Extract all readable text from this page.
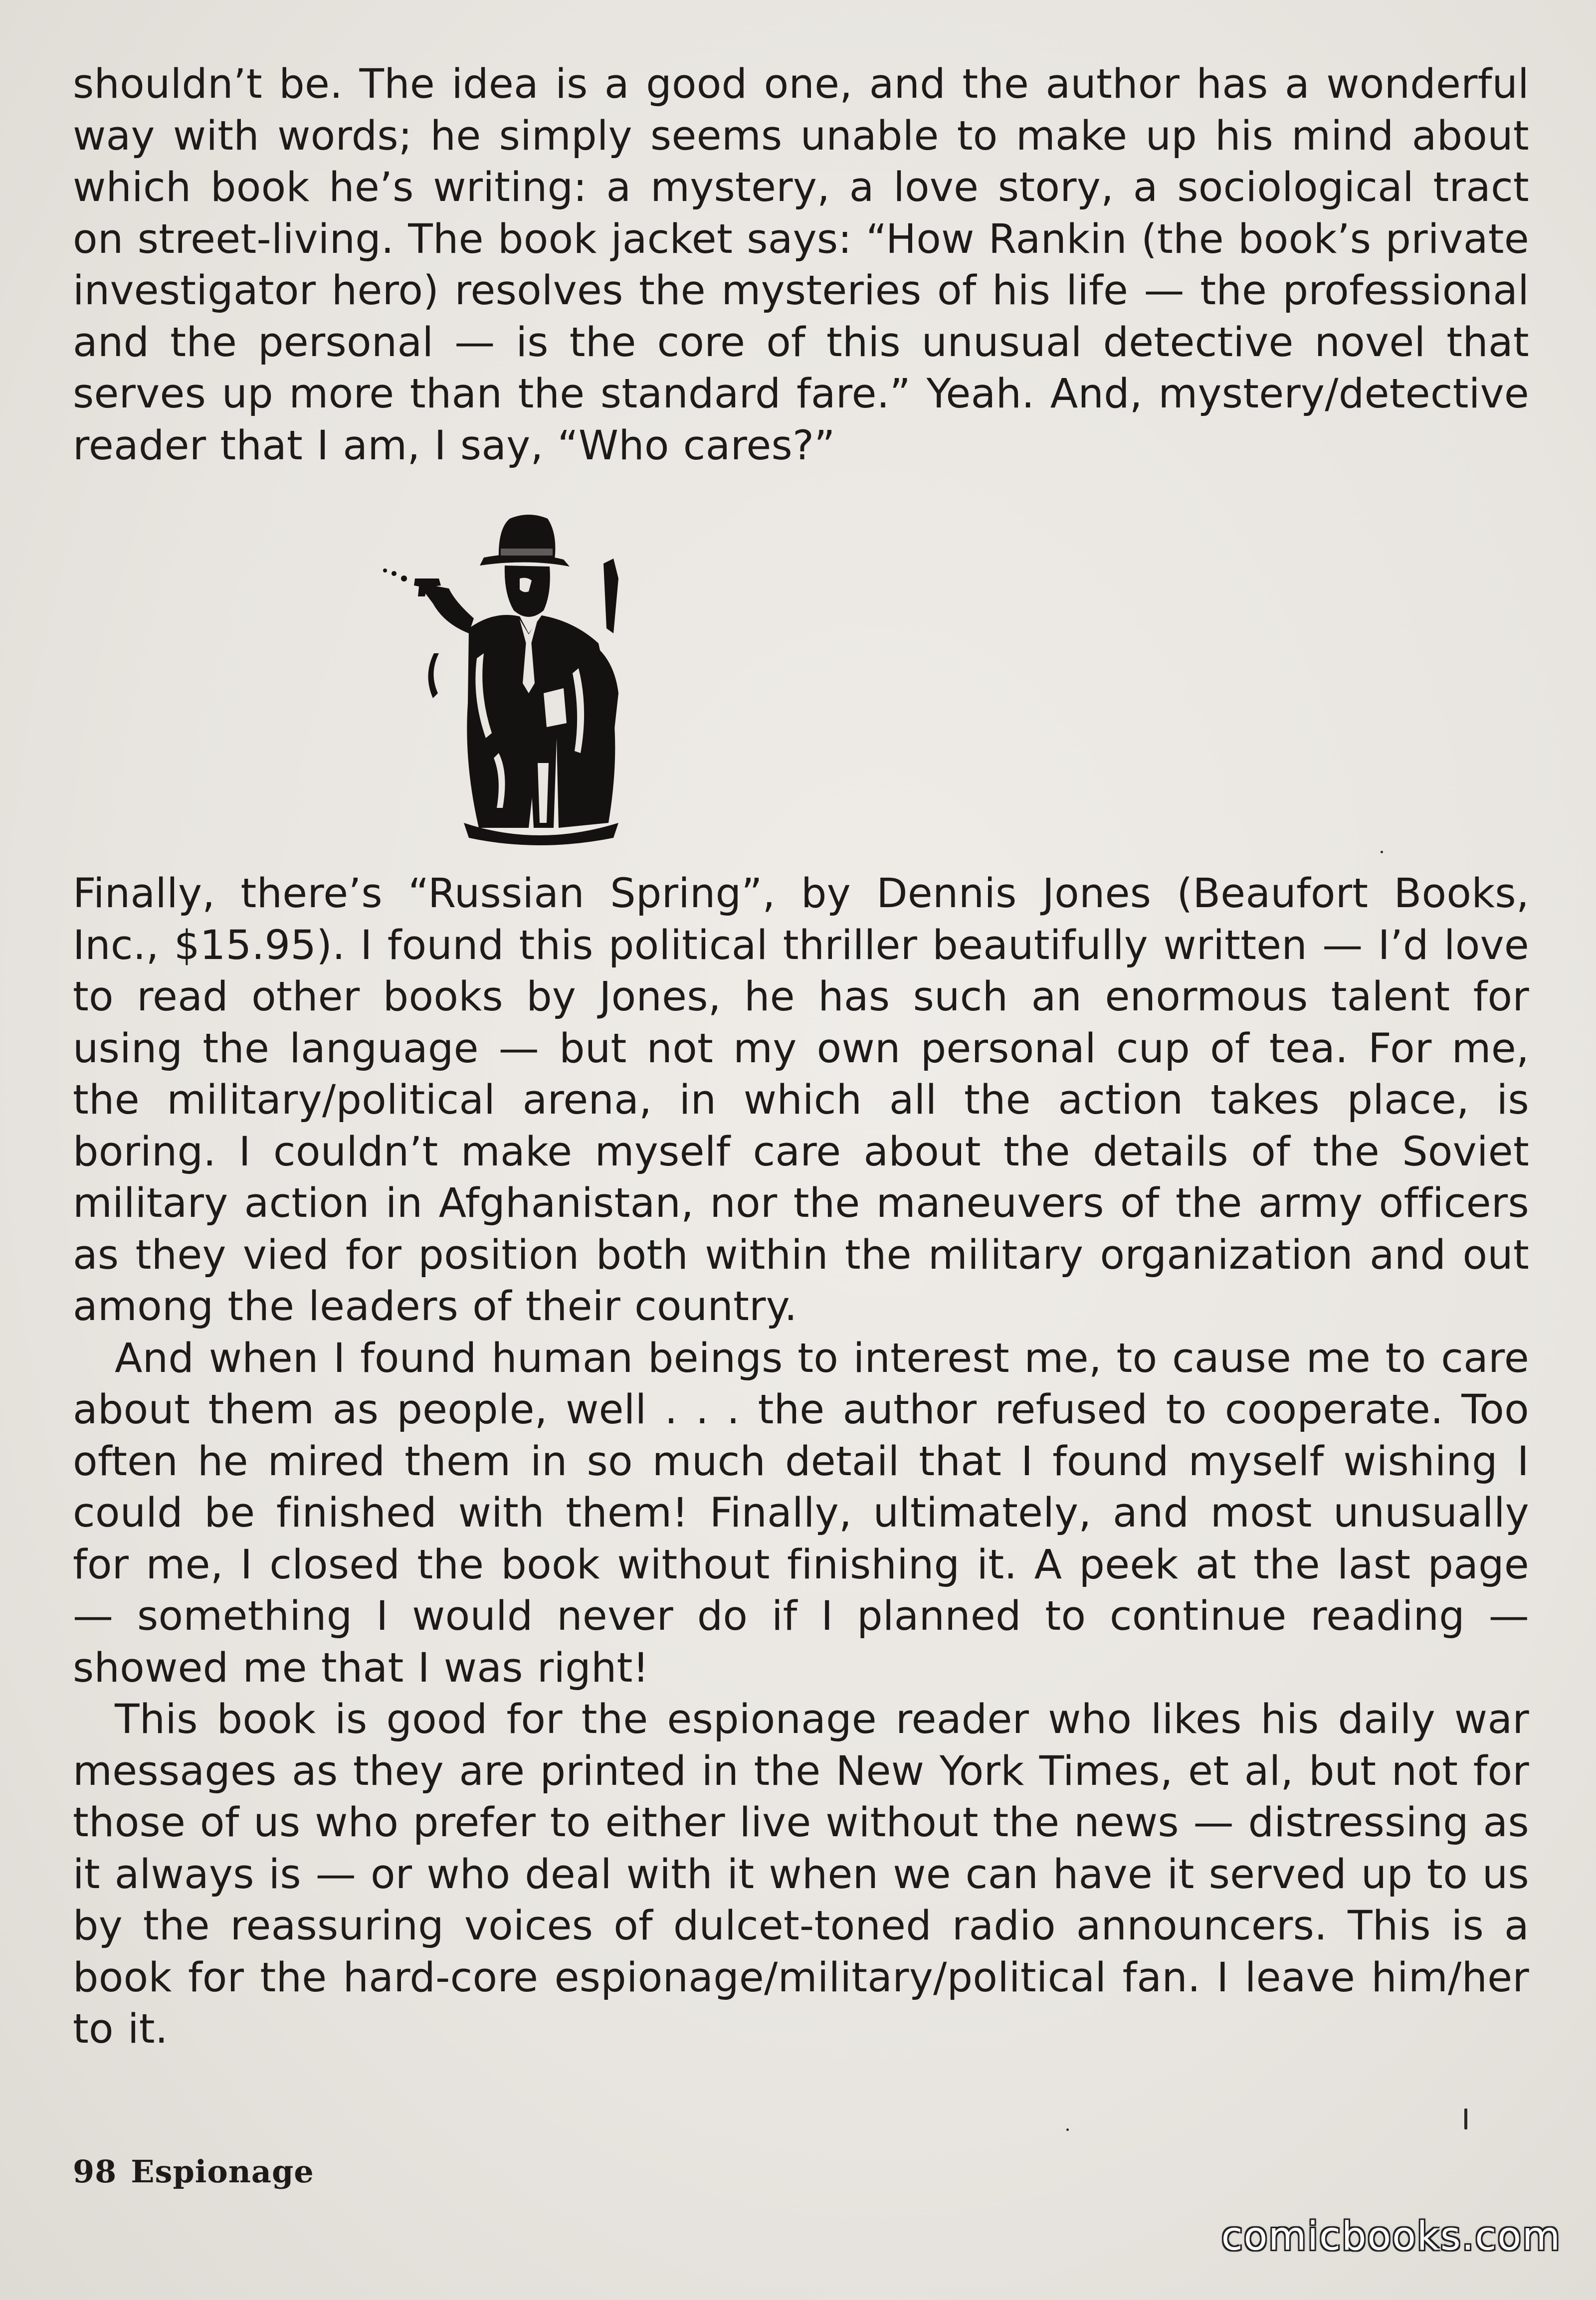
shouldn’t be. The idea is a good one, and the author has a wonderful way with words; he simply seems unable to make up his mind about which book he’s writing: a mystery, a love story, a sociological tract on street-living. The book jacket says: “How Rankin (the book’s private investigator hero) resolves the mysteries of his life — the professional and the personal — is the core of this unusual detective novel that serves up more than the standard fare.” Yeah. And, mystery/detective reader that I am, I say, “Who cares?”

Finally, there’s “Russian Spring”, by Dennis Jones (Beaufort Books, Inc., $15.95). I found this political thriller beautifully written — I’d love to read other books by Jones, he has such an enormous talent for using the language — but not my own personal cup of tea. For me, the military/political arena, in which all the action takes place, is boring. I couldn’t make myself care about the details of the Soviet military action in Afghanistan, nor the maneuvers of the army officers as they vied for position both within the military organization and out among the leaders of their country.

And when I found human beings to interest me, to cause me to care about them as people, well . . . the author refused to cooperate. Too often he mired them in so much detail that I found myself wishing I could be finished with them! Finally, ultimately, and most unusually for me, I closed the book without finishing it. A peek at the last page — something I would never do if I planned to continue reading —showed me that I was right!

This book is good for the espionage reader who likes his daily war messages as they are printed in the New York Times, et al, but not for those of us who prefer to either live without the news — distressing as it always is — or who deal with it when we can have it served up to us by the reassuring voices of dulcet-toned radio announcers. This is a book for the hard-core espionage/military/political fan. I leave him/her to it.

98 Espionage
comicbooks.com
